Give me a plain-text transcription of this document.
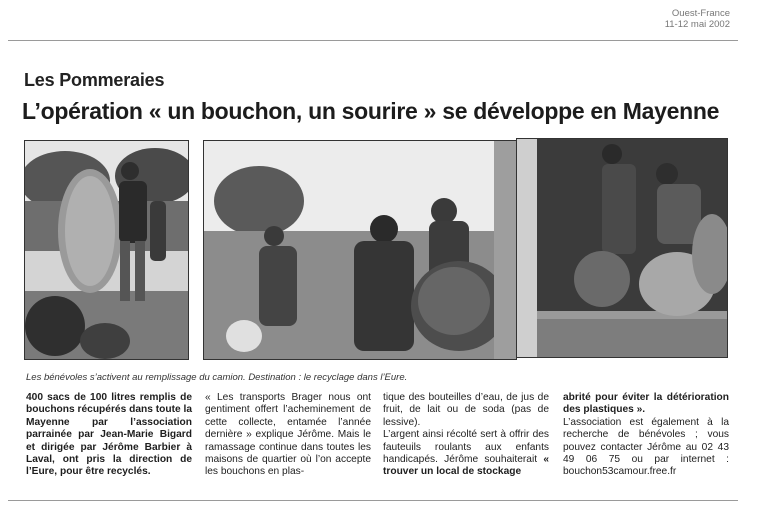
Ouest-France
11-12 mai 2002
Les Pommeraies
L’opération « un bouchon, un sourire » se développe en Mayenne
Les bénévoles s’activent au remplissage du camion. Destination : le recyclage dans l’Eure.

400 sacs de 100 litres remplis de bouchons récupérés dans toute la Mayenne par l’association parrainée par Jean-Marie Bigard et dirigée par Jérôme Barbier à Laval, ont pris la direction de l’Eure, pour être recyclés.

« Les transports Brager nous ont gentiment offert l’acheminement de cette collecte, entamée l’année dernière » explique Jérôme. Mais le ramassage continue dans toutes les maisons de quartier où l’on accepte les bouchons en plas-

tique des bouteilles d’eau, de jus de fruit, de lait ou de soda (pas de lessive).

L’argent ainsi récolté sert à offrir des fauteuils roulants aux enfants handicapés. Jérôme souhaiterait « trouver un local de stockage

abrité pour éviter la détérioration des plastiques ».

L’association est également à la recherche de bénévoles ; vous pouvez contacter Jérôme au 02 43 49 06 75 ou par internet : bouchon53camour.free.fr
